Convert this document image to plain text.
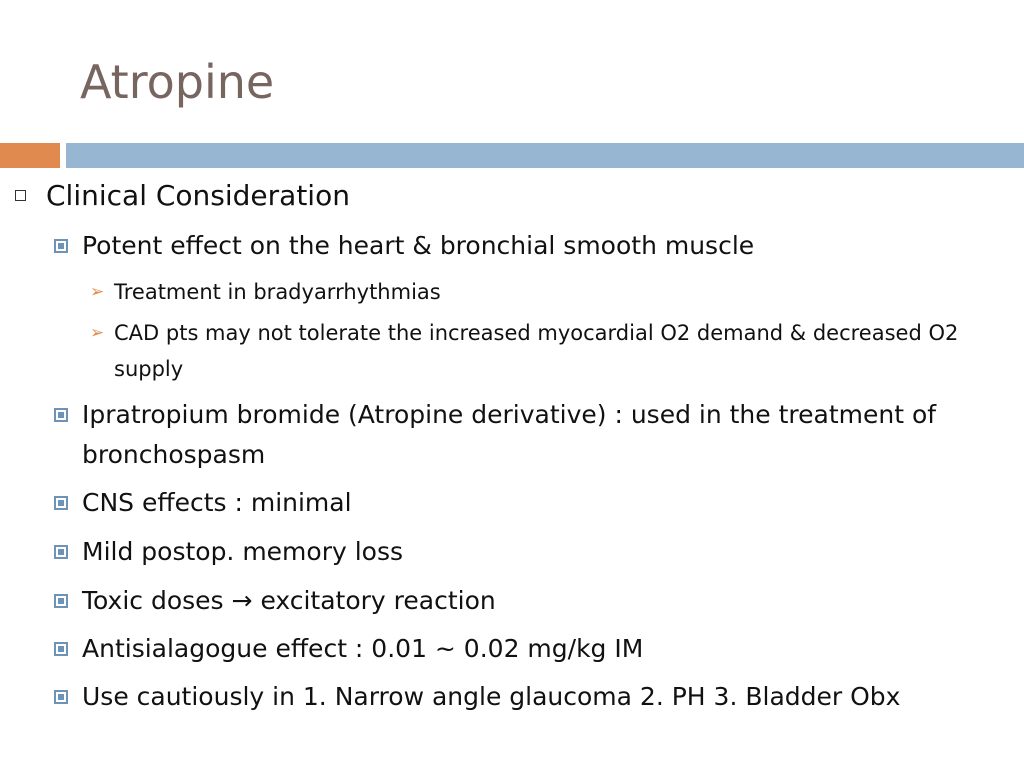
Atropine
Clinical Consideration
Potent effect on the heart & bronchial smooth muscle
➢ Treatment in bradyarrhythmias
➢ CAD pts may not tolerate the increased myocardial O2 demand & decreased O2 supply
Ipratropium bromide (Atropine derivative) : used in the treatment of bronchospasm
CNS effects : minimal
Mild postop. memory loss
Toxic doses → excitatory reaction
Antisialagogue effect : 0.01 ~ 0.02 mg/kg IM
Use cautiously in 1. Narrow angle glaucoma 2. PH 3. Bladder Obx
